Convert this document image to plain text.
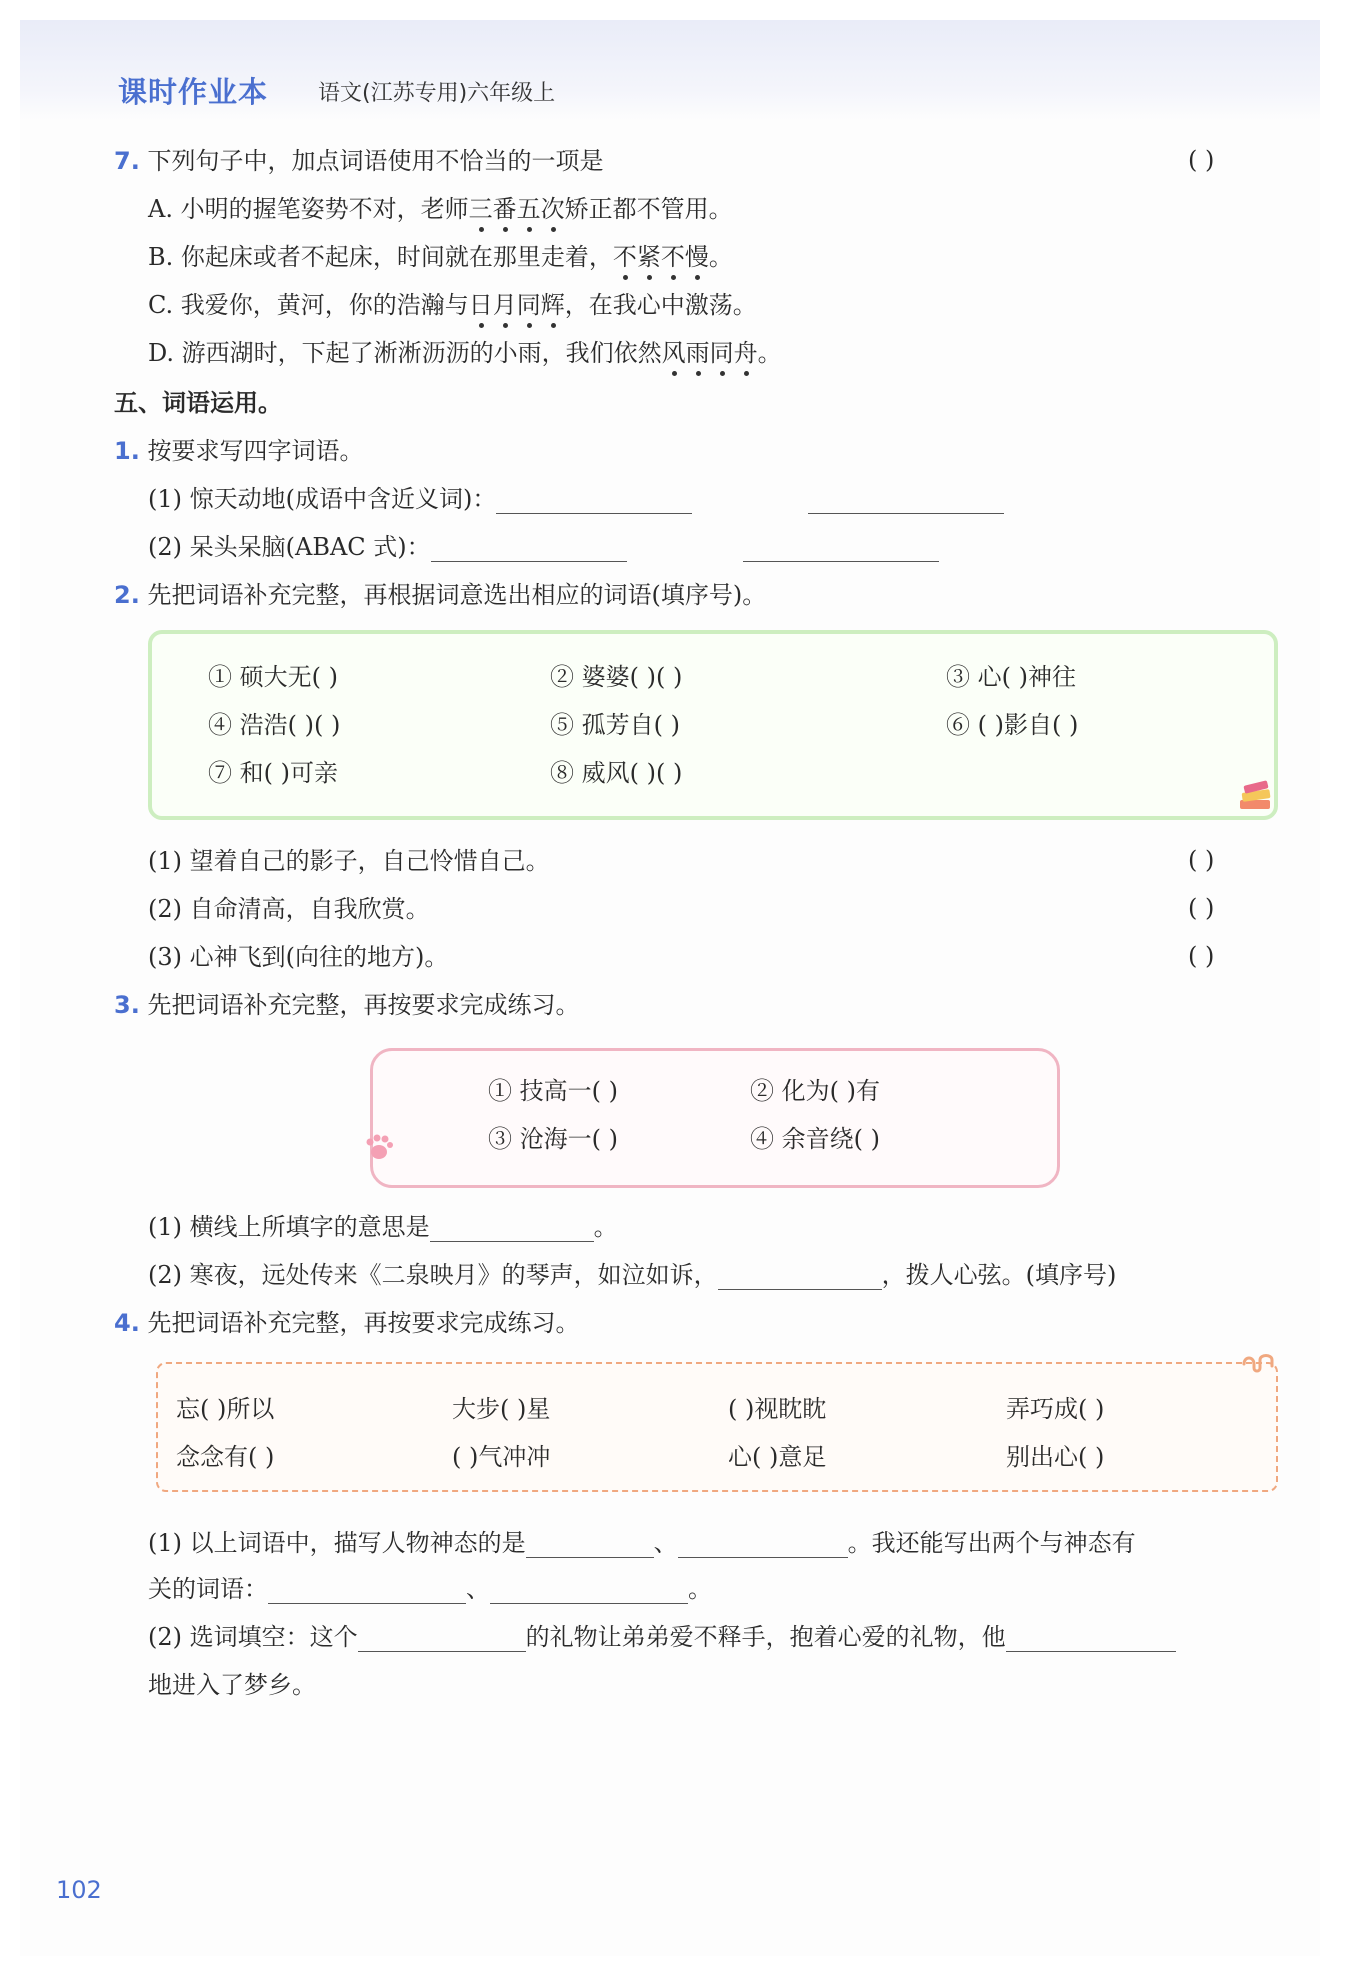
课时作业本 语文(江苏专用)六年级上
7. 下列句子中，加点词语使用不恰当的一项是	( )
A. 小明的握笔姿势不对，老师三番五次矫正都不管用。
B. 你起床或者不起床，时间就在那里走着，不紧不慢。
C. 我爱你，黄河，你的浩瀚与日月同辉，在我心中激荡。
D. 游西湖时，下起了淅淅沥沥的小雨，我们依然风雨同舟。
五、词语运用。
1. 按要求写四字词语。
(1) 惊天动地(成语中含近义词)：
(2) 呆头呆脑(ABAC 式)：
2. 先把词语补充完整，再根据词意选出相应的词语(填序号)。
① 硕大无( )	② 婆婆( )( )	③ 心( )神往
④ 浩浩( )( )	⑤ 孤芳自( )	⑥ ( )影自( )
⑦ 和( )可亲	⑧ 威风( )( )
(1) 望着自己的影子，自己怜惜自己。	( )
(2) 自命清高，自我欣赏。	( )
(3) 心神飞到(向往的地方)。	( )
3. 先把词语补充完整，再按要求完成练习。
① 技高一( )	② 化为( )有
③ 沧海一( )	④ 余音绕( )
(1) 横线上所填字的意思是	。
(2) 寒夜，远处传来《二泉映月》的琴声，如泣如诉，	，拨人心弦。(填序号)
4. 先把词语补充完整，再按要求完成练习。
忘( )所以	大步( )星	( )视眈眈	弄巧成( )
念念有( )	( )气冲冲	心( )意足	别出心( )
(1) 以上词语中，描写人物神态的是	、	。我还能写出两个与神态有
关的词语：	、	。
(2) 选词填空：这个	的礼物让弟弟爱不释手，抱着心爱的礼物，他
地进入了梦乡。
102
